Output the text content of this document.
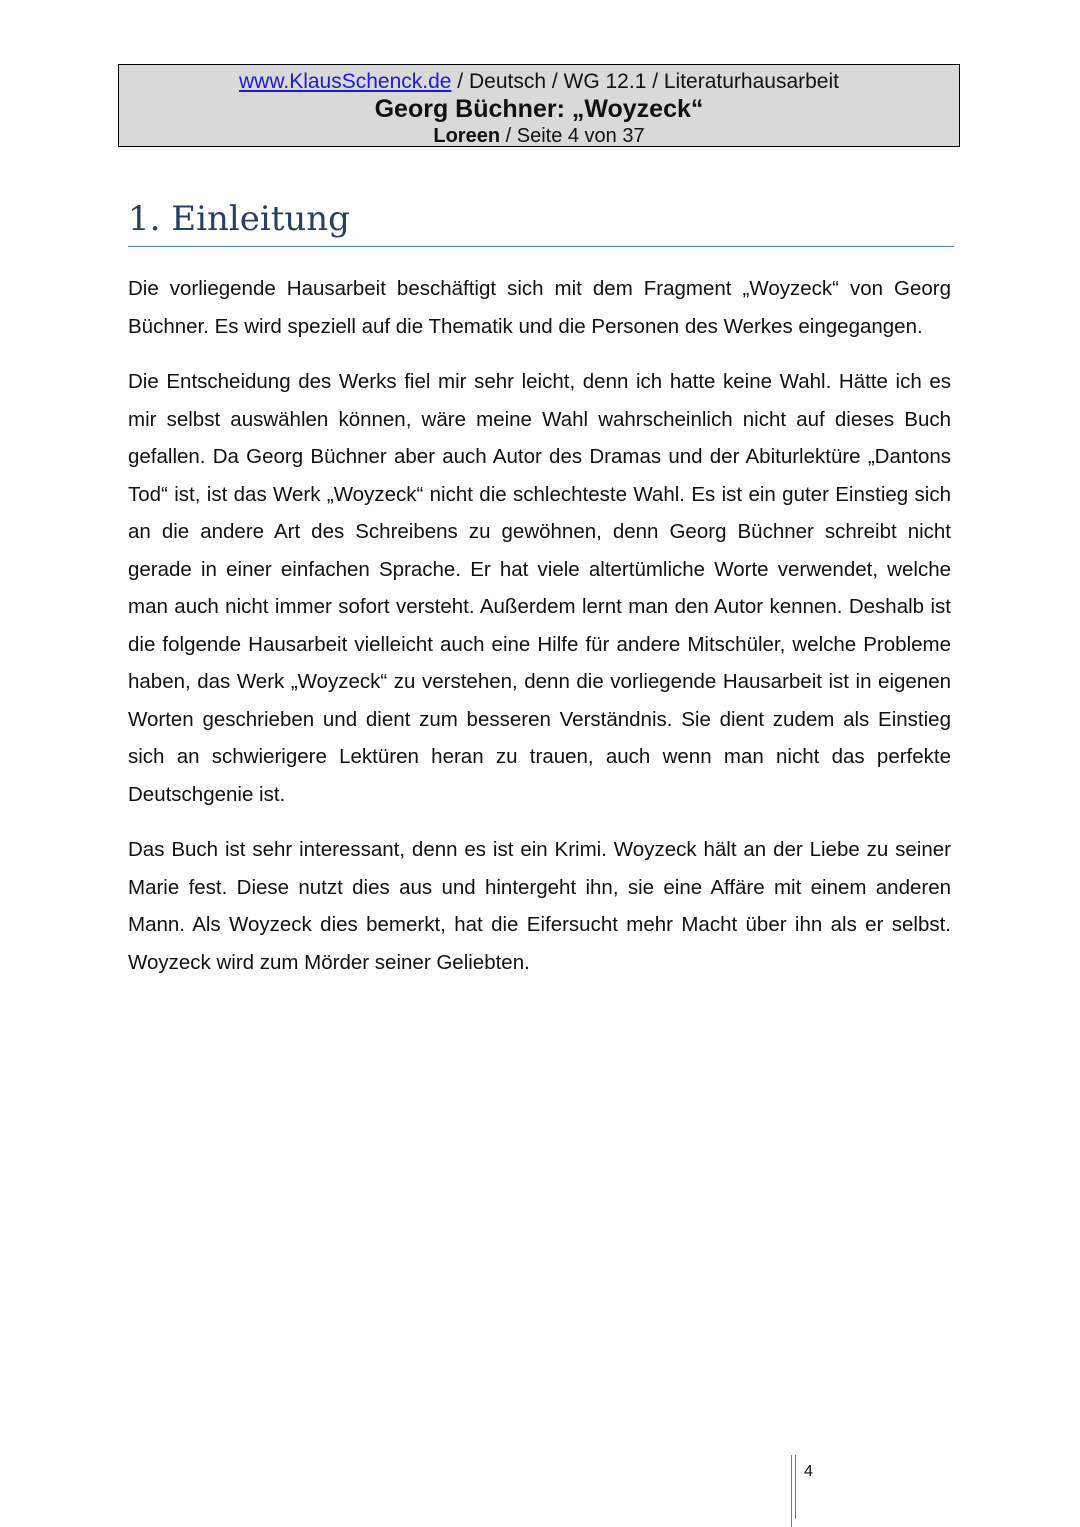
www.KlausSchenck.de / Deutsch / WG 12.1 / Literaturhausarbeit
Georg Büchner: „Woyzeck“
Loreen / Seite 4 von 37
1. Einleitung

Die vorliegende Hausarbeit beschäftigt sich mit dem Fragment „Woyzeck“ von Georg Büchner. Es wird speziell auf die Thematik und die Personen des Werkes eingegangen.

Die Entscheidung des Werks fiel mir sehr leicht, denn ich hatte keine Wahl. Hätte ich es mir selbst auswählen können, wäre meine Wahl wahrscheinlich nicht auf dieses Buch gefallen. Da Georg Büchner aber auch Autor des Dramas und der Abiturlektüre „Dantons Tod“ ist, ist das Werk „Woyzeck“ nicht die schlechteste Wahl. Es ist ein guter Einstieg sich an die andere Art des Schreibens zu gewöhnen, denn Georg Büchner schreibt nicht gerade in einer einfachen Sprache. Er hat viele altertümliche Worte verwendet, welche man auch nicht immer sofort versteht. Außerdem lernt man den Autor kennen. Deshalb ist die folgende Hausarbeit vielleicht auch eine Hilfe für andere Mitschüler, welche Probleme haben, das Werk „Woyzeck“ zu verstehen, denn die vorliegende Hausarbeit ist in eigenen Worten geschrieben und dient zum besseren Verständnis. Sie dient zudem als Einstieg sich an schwierigere Lektüren heran zu trauen, auch wenn man nicht das perfekte Deutschgenie ist.

Das Buch ist sehr interessant, denn es ist ein Krimi. Woyzeck hält an der Liebe zu seiner Marie fest. Diese nutzt dies aus und hintergeht ihn, sie eine Affäre mit einem anderen Mann. Als Woyzeck dies bemerkt, hat die Eifersucht mehr Macht über ihn als er selbst. Woyzeck wird zum Mörder seiner Geliebten.

4
